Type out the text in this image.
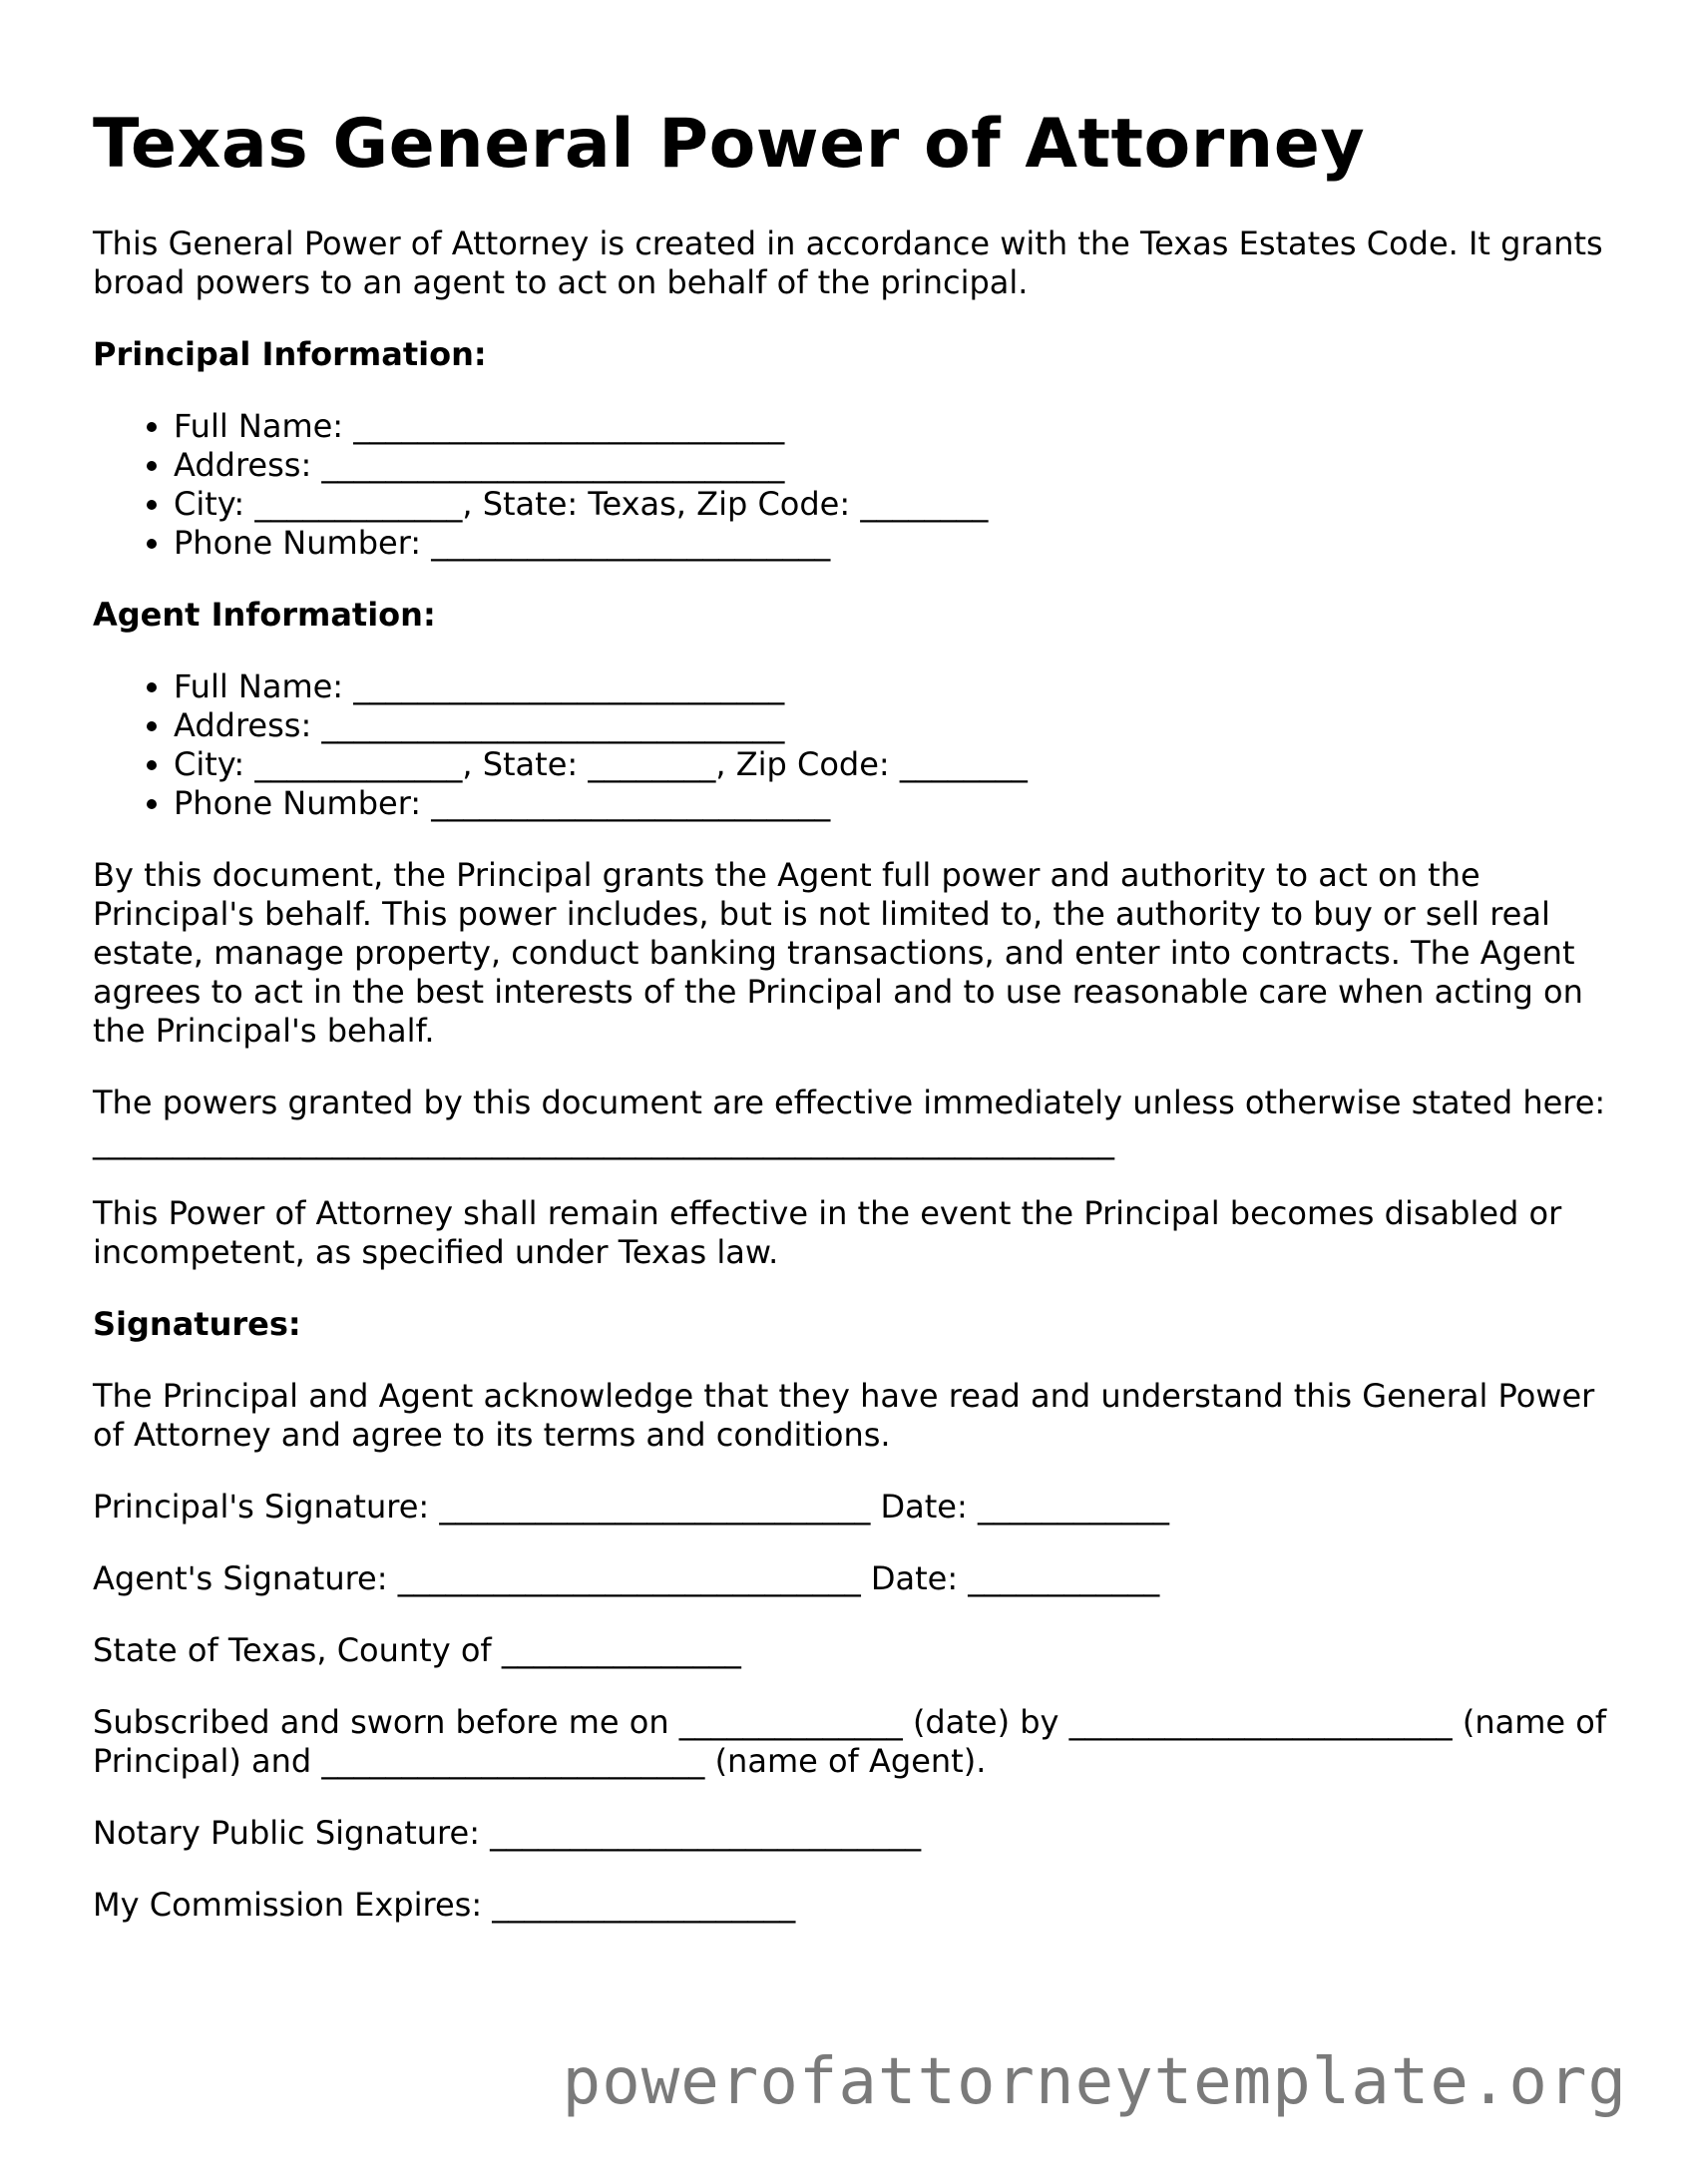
Texas General Power of Attorney

This General Power of Attorney is created in accordance with the Texas Estates Code. It grants broad powers to an agent to act on behalf of the principal.

Principal Information:
• Full Name: ___________________________
• Address: _____________________________
• City: _____________, State: Texas, Zip Code: ________
• Phone Number: _________________________
Agent Information:
• Full Name: ___________________________
• Address: _____________________________
• City: _____________, State: ________, Zip Code: ________
• Phone Number: _________________________

By this document, the Principal grants the Agent full power and authority to act on the Principal's behalf. This power includes, but is not limited to, the authority to buy or sell real estate, manage property, conduct banking transactions, and enter into contracts. The Agent agrees to act in the best interests of the Principal and to use reasonable care when acting on the Principal's behalf.

The powers granted by this document are effective immediately unless otherwise stated here: ________________________________________________________________

This Power of Attorney shall remain effective in the event the Principal becomes disabled or incompetent, as specified under Texas law.

Signatures:

The Principal and Agent acknowledge that they have read and understand this General Power of Attorney and agree to its terms and conditions.

Principal's Signature: ___________________________ Date: ____________

Agent's Signature: _____________________________ Date: ____________

State of Texas, County of _______________

Subscribed and sworn before me on ______________ (date) by ________________________ (name of Principal) and ________________________ (name of Agent).

Notary Public Signature: ___________________________

My Commission Expires: ___________________

powerofattorneytemplate.org
